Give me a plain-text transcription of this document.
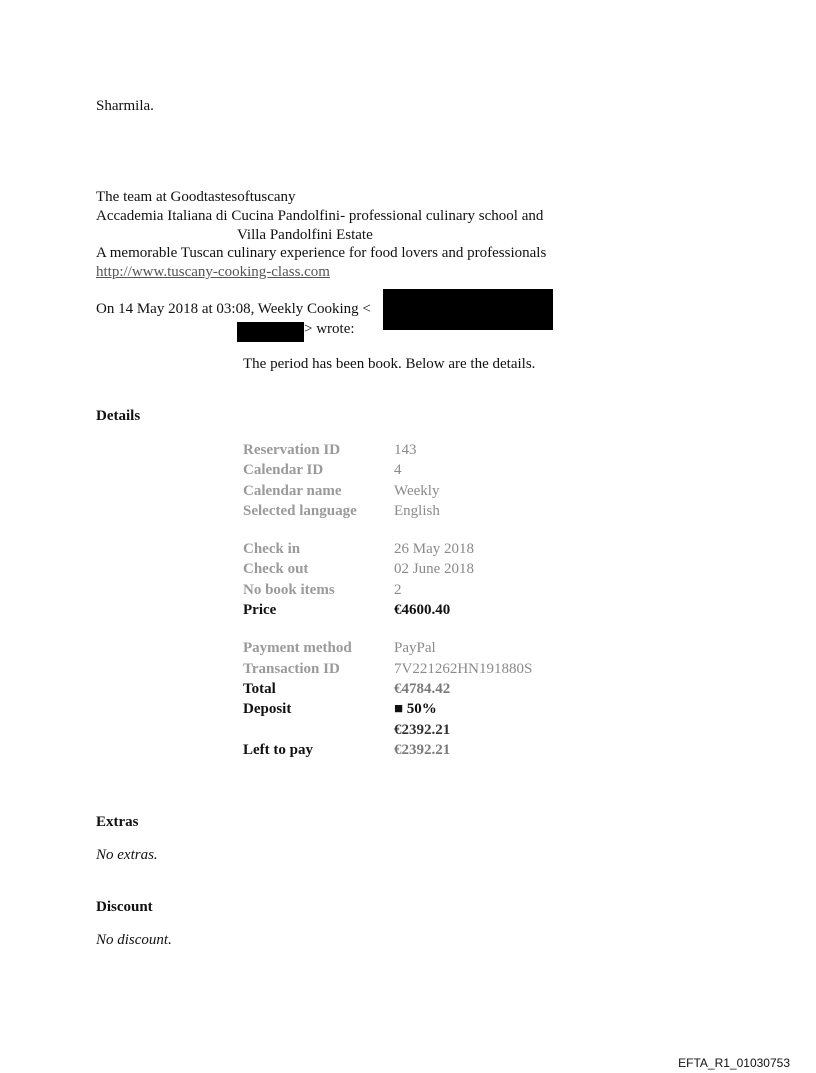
Sharmila.
The team at Goodtastesoftuscany
Accademia Italiana di Cucina Pandolfini- professional culinary school and
Villa Pandolfini Estate
A memorable Tuscan culinary experience for food lovers and professionals
http://www.tuscany-cooking-class.com
On 14 May 2018 at 03:08, Weekly Cooking <
> wrote:
The period has been book. Below are the details.
Details
Reservation ID	143
Calendar ID	4
Calendar name	Weekly
Selected language	English

Check in	26 May 2018
Check out	02 June 2018
No book items	2
Price	€4600.40

Payment method	PayPal
Transaction ID	7V221262HN191880S
Total	€4784.42
Deposit	■ 50%
	€2392.21
Left to pay	€2392.21
Extras
No extras.
Discount
No discount.
EFTA_R1_01030753
